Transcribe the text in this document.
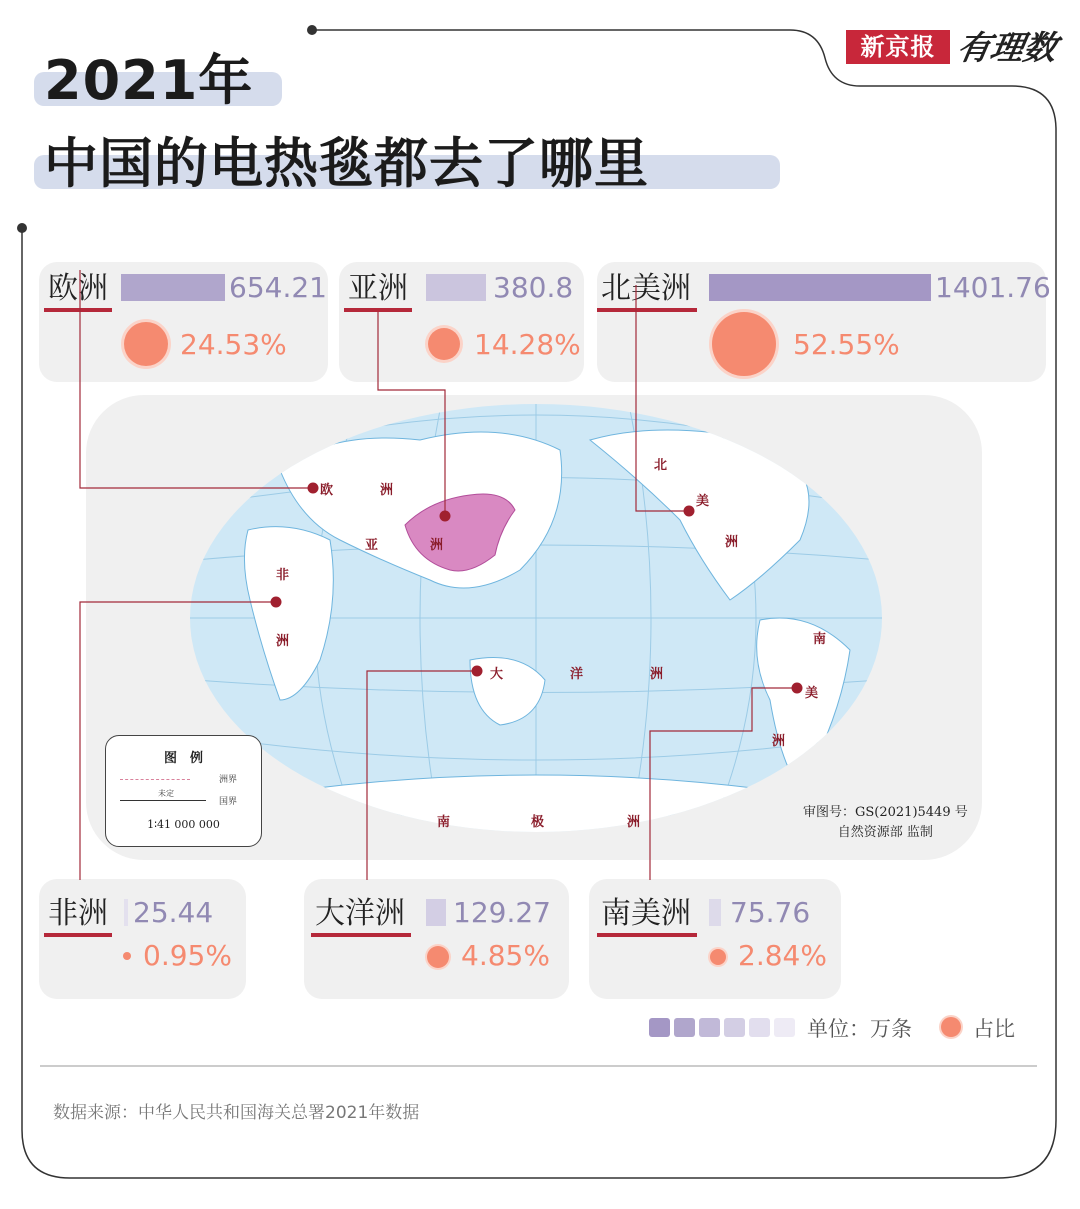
新京报 有理数
2021年
中国的电热毯都去了哪里
欧洲	亚洲	北美洲
非洲	大洋洲	南美洲
654.21	380.8	1401.76
25.44	129.27	75.76
24.53%	14.28%	52.55%
0.95%	4.85%	2.84%
欧	洲
亚	洲
北
美
洲
非
洲
大	洋	洲
南
美
洲
南	极	洲
图　例
洲界
未定
国界
1∶41 000 000
审图号：GS(2021)5449 号
自然资源部 监制
单位：万条	占比
数据来源：中华人民共和国海关总署2021年数据
